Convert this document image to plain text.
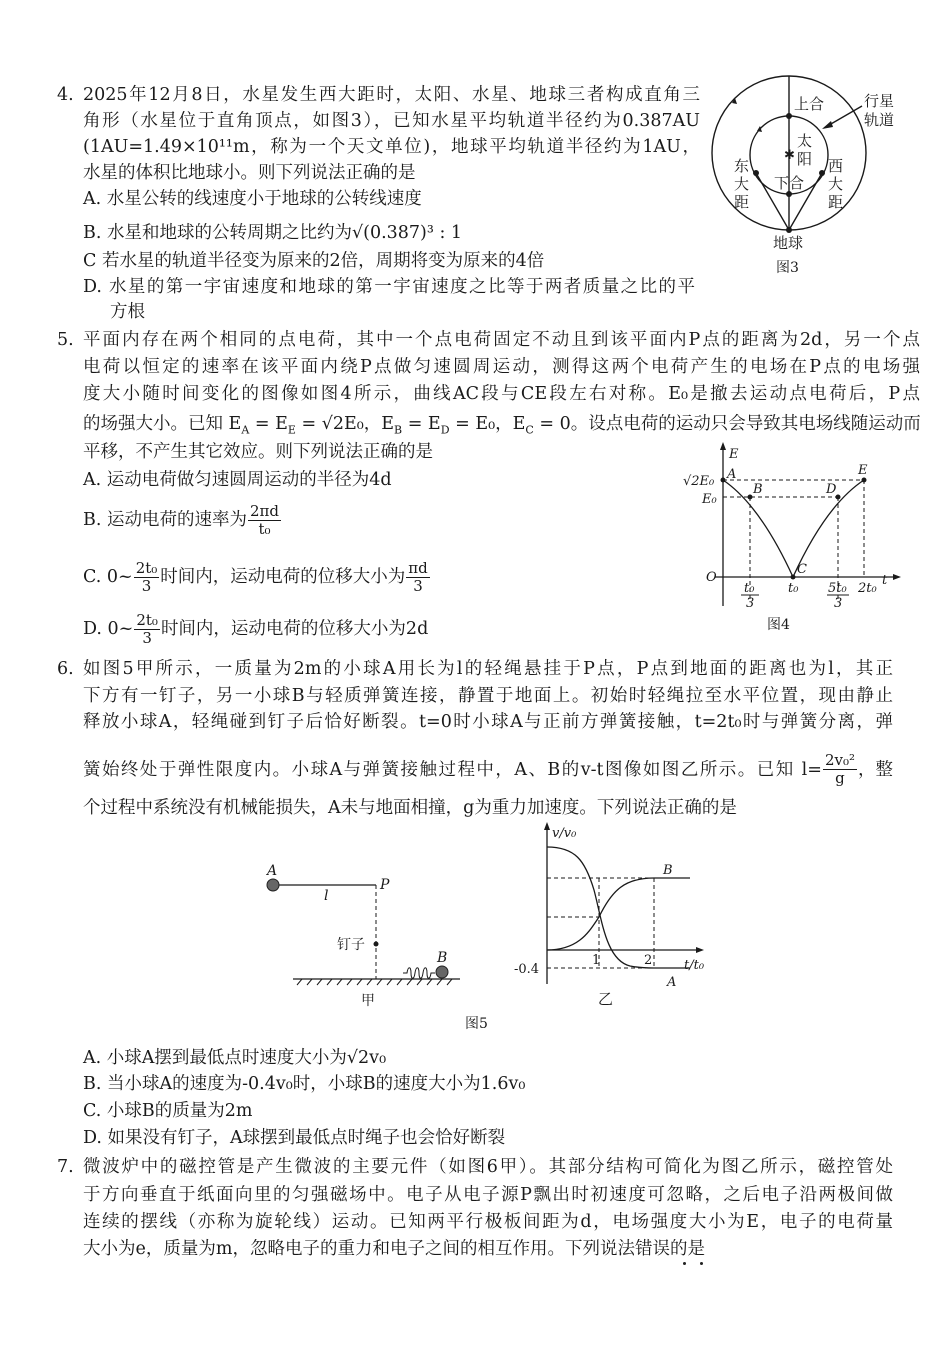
4. 2025年12月8日，水星发生西大距时，太阳、水星、地球三者构成直角三
角形（水星位于直角顶点，如图3），已知水星平均轨道半径约为0.387AU
(1AU=1.49×10¹¹m，称为一个天文单位)，地球平均轨道半径约为1AU，
水星的体积比地球小。则下列说法正确的是
A. 水星公转的线速度小于地球的公转线速度
B. 水星和地球的公转周期之比约为√(0.387)³ : 1
C 若水星的轨道半径变为原来的2倍，周期将变为原来的4倍
D. 水星的第一宇宙速度和地球的第一宇宙速度之比等于两者质量之比的平
方根
✱
上合
太
阳
下合
东
大
距
西
大
距
行星
轨道
地球
图3
5. 平面内存在两个相同的点电荷，其中一个点电荷固定不动且到该平面内P点的距离为2d，另一个点
电荷以恒定的速率在该平面内绕P点做匀速圆周运动，测得这两个电荷产生的电场在P点的电场强
度大小随时间变化的图像如图4所示，曲线AC段与CE段左右对称。E₀是撤去运动点电荷后，P点
的场强大小。已知 $E_A = E_E = √2E_0$，$E_B = E_D = E_0$，$E_C = 0$。设点电荷的运动只会导致其电场线随运动而
平移，不产生其它效应。则下列说法正确的是
A. 运动电荷做匀速圆周运动的半径为4d
B. 运动电荷的速率为 $\frac{2\pi d}{\text{t₀}}$
C. 0~ $\frac{\text{2t₀}}{3}$ 时间内，运动电荷的位移大小为 $\frac{\pi d}{3}$
D. 0~ $\frac{\text{2t₀}}{3}$ 时间内，运动电荷的位移大小为2d
E
O	t
√2E₀
E₀
A
B
C
D
E
t₀
3
t₀ 5t₀
3
2t₀
图4
6. 如图5甲所示，一质量为2m的小球A用长为l的轻绳悬挂于P点，P点到地面的距离也为l，其正
下方有一钉子，另一小球B与轻质弹簧连接，静置于地面上。初始时轻绳拉至水平位置，现由静止
释放小球A，轻绳碰到钉子后恰好断裂。t=0时小球A与正前方弹簧接触，t=2t₀时与弹簧分离，弹
簧始终处于弹性限度内。小球A与弹簧接触过程中，A、B的v-t图像如图乙所示。已知 $l= \frac{\text{2v₀²}}{g}$ ，整
个过程中系统没有机械能损失，A未与地面相撞，g为重力加速度。下列说法正确的是
A
l
P
钉子
B
甲
v/v₀
t/t₀
-0.4
1	2
B
A
乙
图5
A. 小球A摆到最低点时速度大小为√2v₀
B. 当小球A的速度为-0.4v₀时，小球B的速度大小为1.6v₀
C. 小球B的质量为2m
D. 如果没有钉子，A球摆到最低点时绳子也会恰好断裂
7. 微波炉中的磁控管是产生微波的主要元件（如图6甲）。其部分结构可简化为图乙所示，磁控管处
于方向垂直于纸面向里的匀强磁场中。电子从电子源P飘出时初速度可忽略，之后电子沿两极间做
连续的摆线（亦称为旋轮线）运动。已知两平行极板间距为d，电场强度大小为E，电子的电荷量
大小为e，质量为m，忽略电子的重力和电子之间的相互作用。下列说法错误的是
